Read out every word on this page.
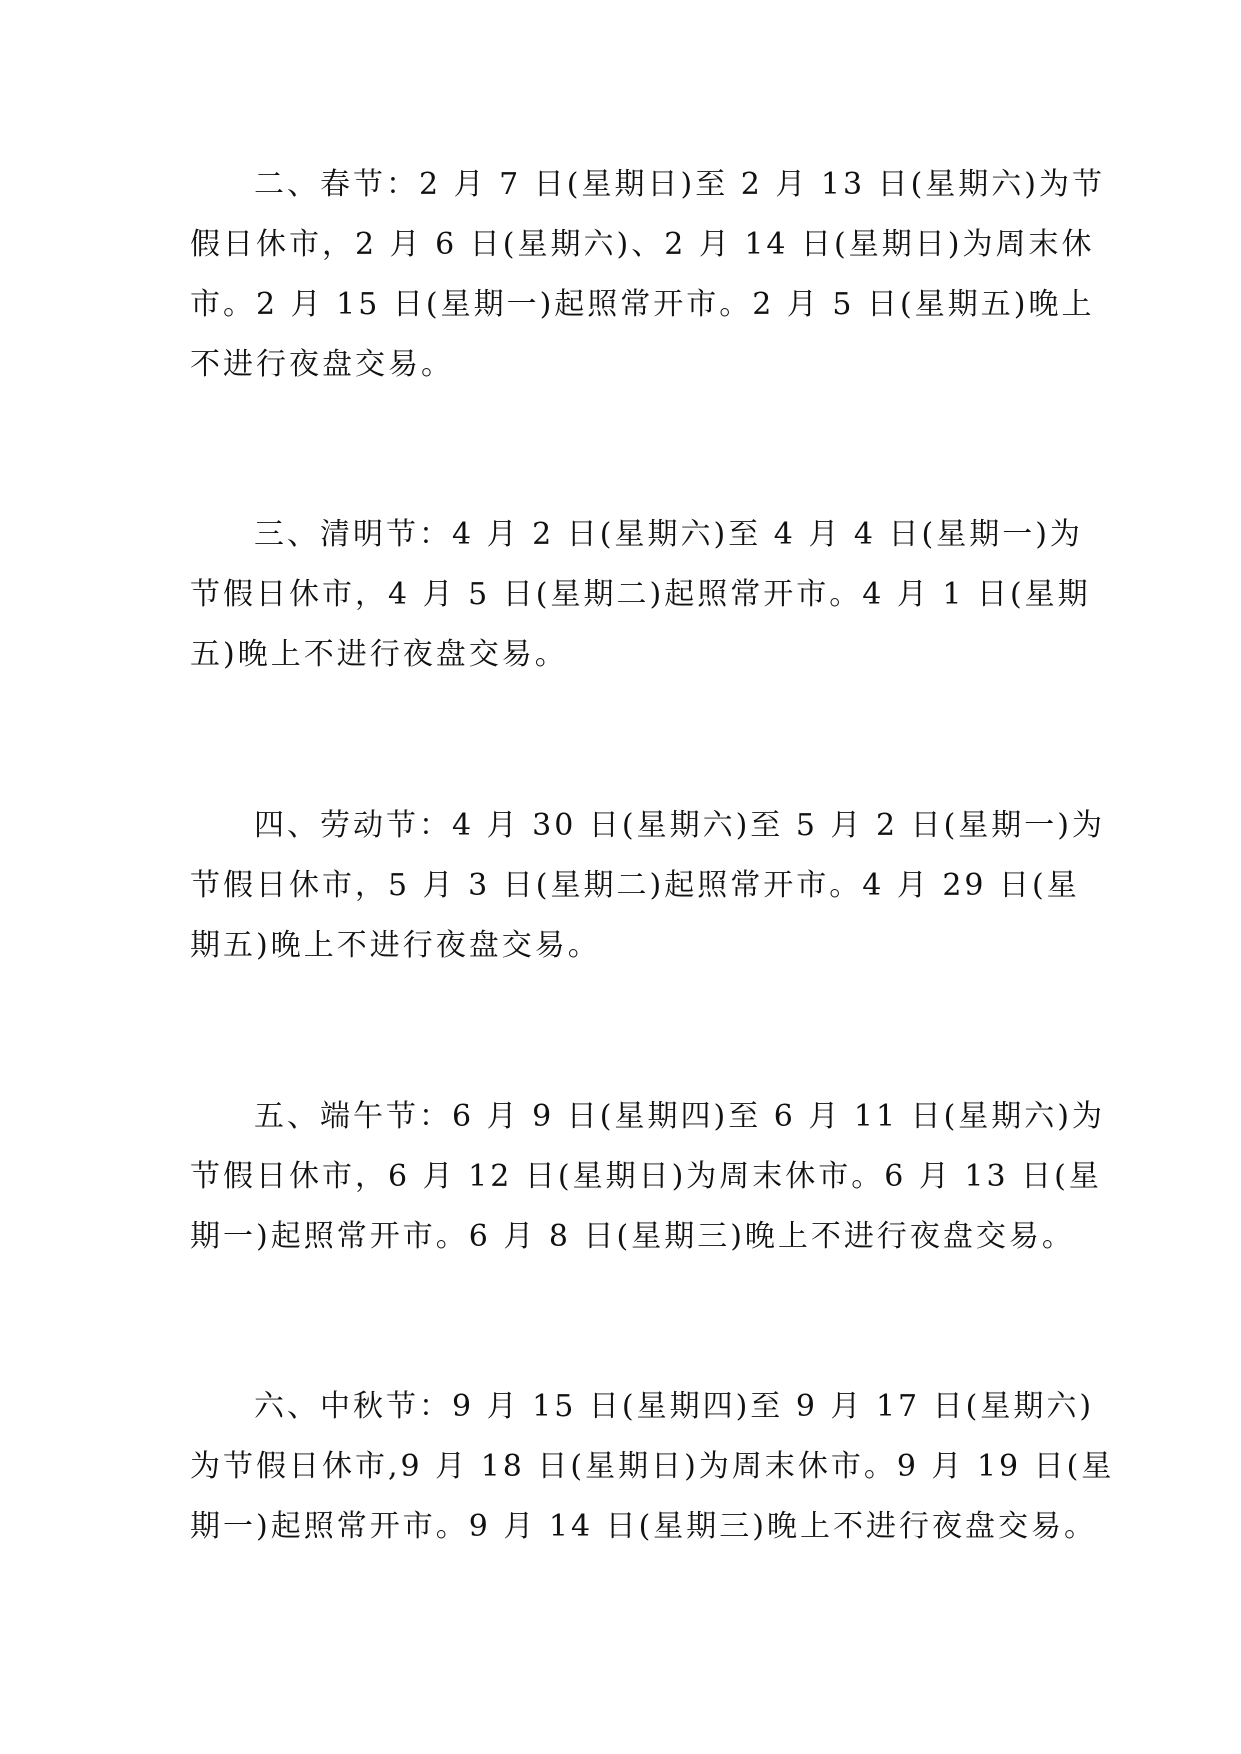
二、春节：2 月 7 日(星期日)至 2 月 13 日(星期六)为节
假日休市，2 月 6 日(星期六)、2 月 14 日(星期日)为周末休
市。2 月 15 日(星期一)起照常开市。2 月 5 日(星期五)晚上
不进行夜盘交易。
三、清明节：4 月 2 日(星期六)至 4 月 4 日(星期一)为
节假日休市，4 月 5 日(星期二)起照常开市。4 月 1 日(星期
五)晚上不进行夜盘交易。
四、劳动节：4 月 30 日(星期六)至 5 月 2 日(星期一)为
节假日休市，5 月 3 日(星期二)起照常开市。4 月 29 日(星
期五)晚上不进行夜盘交易。
五、端午节：6 月 9 日(星期四)至 6 月 11 日(星期六)为
节假日休市，6 月 12 日(星期日)为周末休市。6 月 13 日(星
期一)起照常开市。6 月 8 日(星期三)晚上不进行夜盘交易。
六、中秋节：9 月 15 日(星期四)至 9 月 17 日(星期六)
为节假日休市,9 月 18 日(星期日)为周末休市。9 月 19 日(星
期一)起照常开市。9 月 14 日(星期三)晚上不进行夜盘交易。
